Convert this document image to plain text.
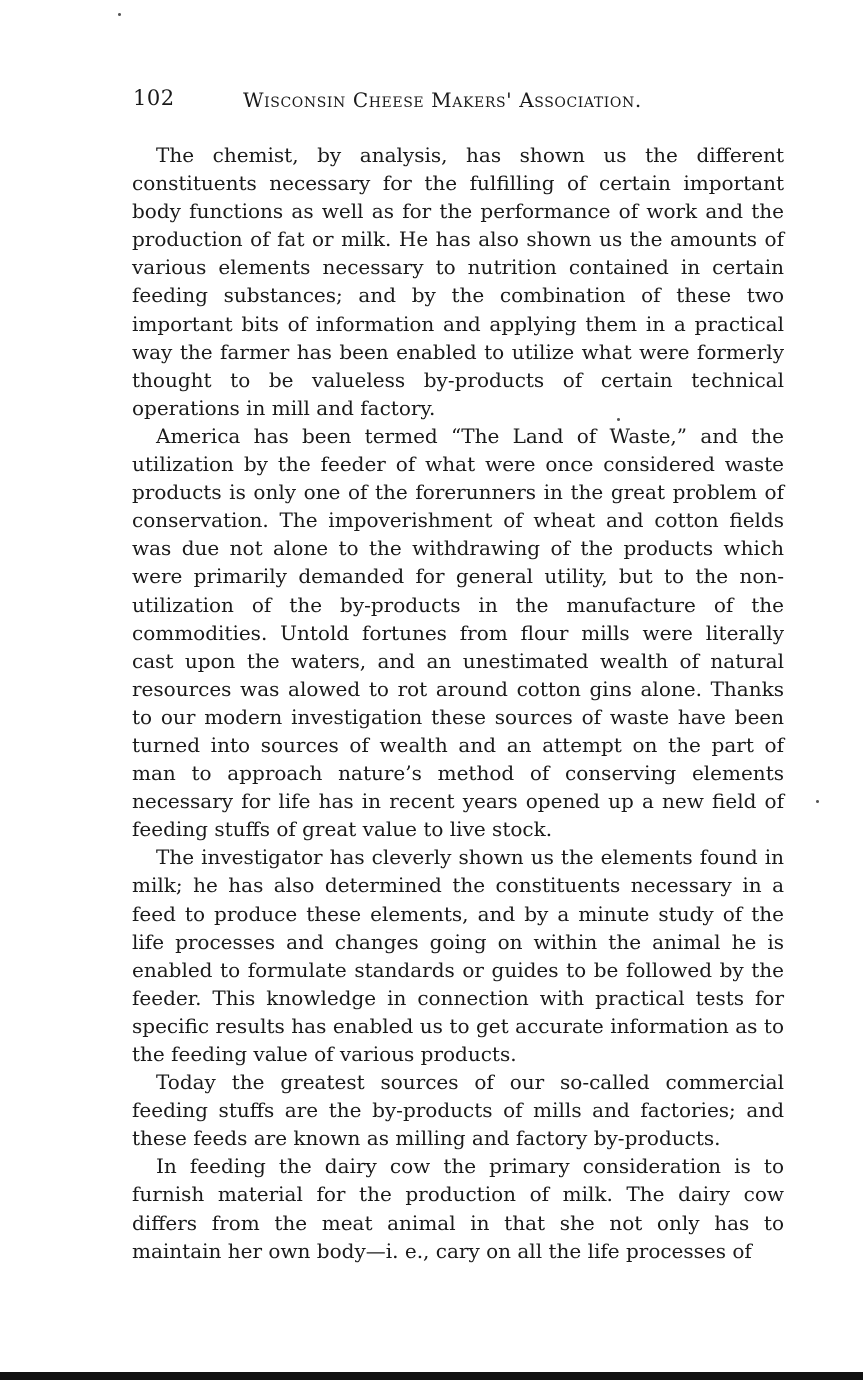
102	Wisconsin Cheese Makers' Association.

The chemist, by analysis, has shown us the different constituents necessary for the fulfilling of certain important body functions as well as for the performance of work and the production of fat or milk. He has also shown us the amounts of various elements necessary to nutrition contained in certain feeding substances; and by the combination of these two important bits of information and applying them in a practical way the farmer has been enabled to utilize what were formerly thought to be valueless by-products of certain technical operations in mill and factory.

America has been termed “The Land of Waste,” and the utilization by the feeder of what were once considered waste products is only one of the forerunners in the great problem of conservation. The impoverishment of wheat and cotton fields was due not alone to the withdrawing of the products which were primarily demanded for general utility, but to the non-utilization of the by-products in the manufacture of the commodities. Untold fortunes from flour mills were literally cast upon the waters, and an unestimated wealth of natural resources was alowed to rot around cotton gins alone. Thanks to our modern investigation these sources of waste have been turned into sources of wealth and an attempt on the part of man to approach nature’s method of conserving elements necessary for life has in recent years opened up a new field of feeding stuffs of great value to live stock.

The investigator has cleverly shown us the elements found in milk; he has also determined the constituents necessary in a feed to produce these elements, and by a minute study of the life processes and changes going on within the animal he is enabled to formulate standards or guides to be followed by the feeder. This knowledge in connection with practical tests for specific results has enabled us to get accurate information as to the feeding value of various products.

Today the greatest sources of our so-called commercial feeding stuffs are the by-products of mills and factories; and these feeds are known as milling and factory by-products.

In feeding the dairy cow the primary consideration is to furnish material for the production of milk. The dairy cow differs from the meat animal in that she not only has to maintain her own body—i. e., cary on all the life processes of
